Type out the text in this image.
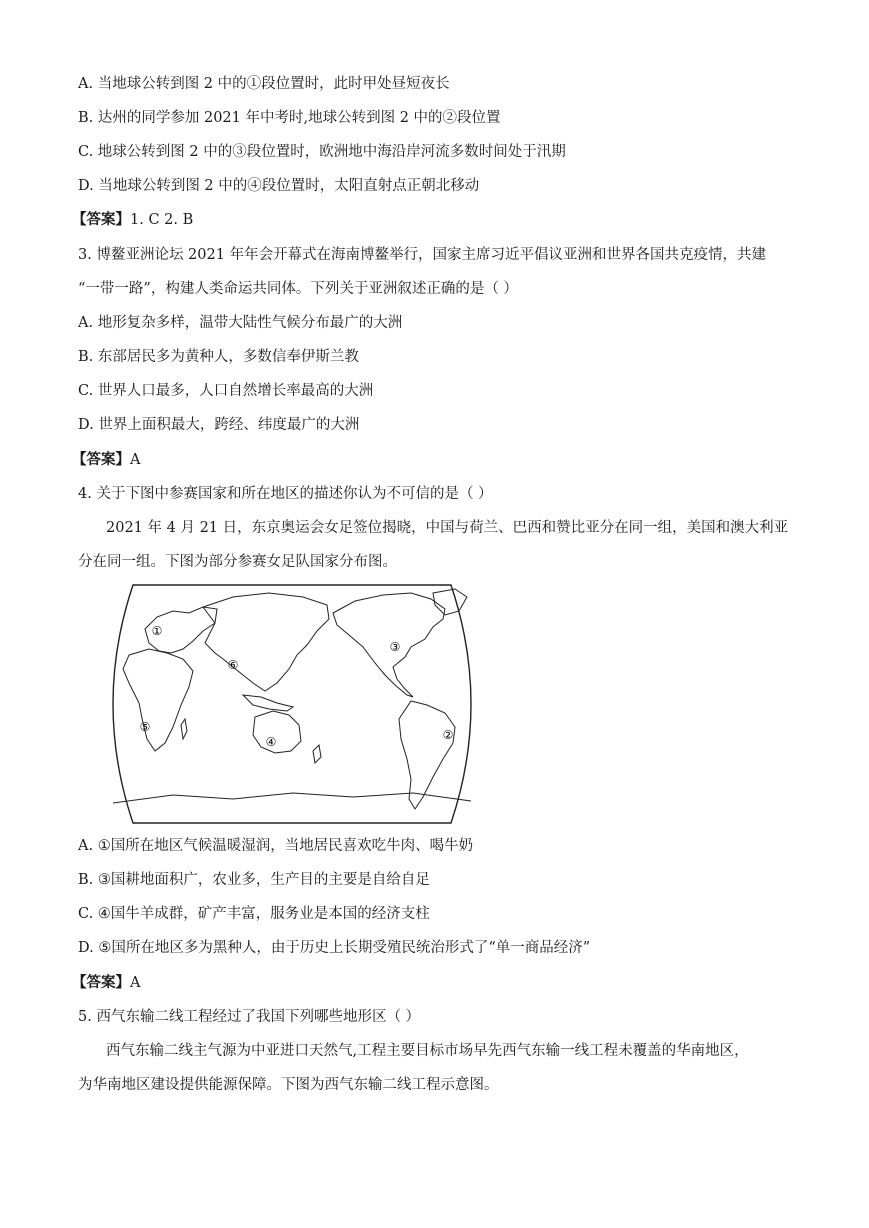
A. 当地球公转到图 2 中的①段位置时，此时甲处昼短夜长
B. 达州的同学参加 2021 年中考时,地球公转到图 2 中的②段位置
C. 地球公转到图 2 中的③段位置时，欧洲地中海沿岸河流多数时间处于汛期
D. 当地球公转到图 2 中的④段位置时，太阳直射点正朝北移动
【答案】1. C 2. B
3. 博鳌亚洲论坛 2021 年年会开幕式在海南博鳌举行，国家主席习近平倡议亚洲和世界各国共克疫情，共建
“一带一路”，构建人类命运共同体。下列关于亚洲叙述正确的是（ ）
A. 地形复杂多样，温带大陆性气候分布最广的大洲
B. 东部居民多为黄种人，多数信奉伊斯兰教
C. 世界人口最多，人口自然增长率最高的大洲
D. 世界上面积最大，跨经、纬度最广的大洲
【答案】A
4. 关于下图中参赛国家和所在地区的描述你认为不可信的是（ ）
2021 年 4 月 21 日，东京奥运会女足签位揭晓，中国与荷兰、巴西和赞比亚分在同一组，美国和澳大利亚
分在同一组。下图为部分参赛女足队国家分布图。
①
②
③
④
⑤
⑥
A. ①国所在地区气候温暖湿润，当地居民喜欢吃牛肉、喝牛奶
B. ③国耕地面积广，农业多，生产目的主要是自给自足
C. ④国牛羊成群，矿产丰富，服务业是本国的经济支柱
D. ⑤国所在地区多为黑种人，由于历史上长期受殖民统治形式了“单一商品经济”
【答案】A
5. 西气东输二线工程经过了我国下列哪些地形区（ ）
西气东输二线主气源为中亚进口天然气,工程主要目标市场早先西气东输一线工程未覆盖的华南地区，
为华南地区建设提供能源保障。下图为西气东输二线工程示意图。
